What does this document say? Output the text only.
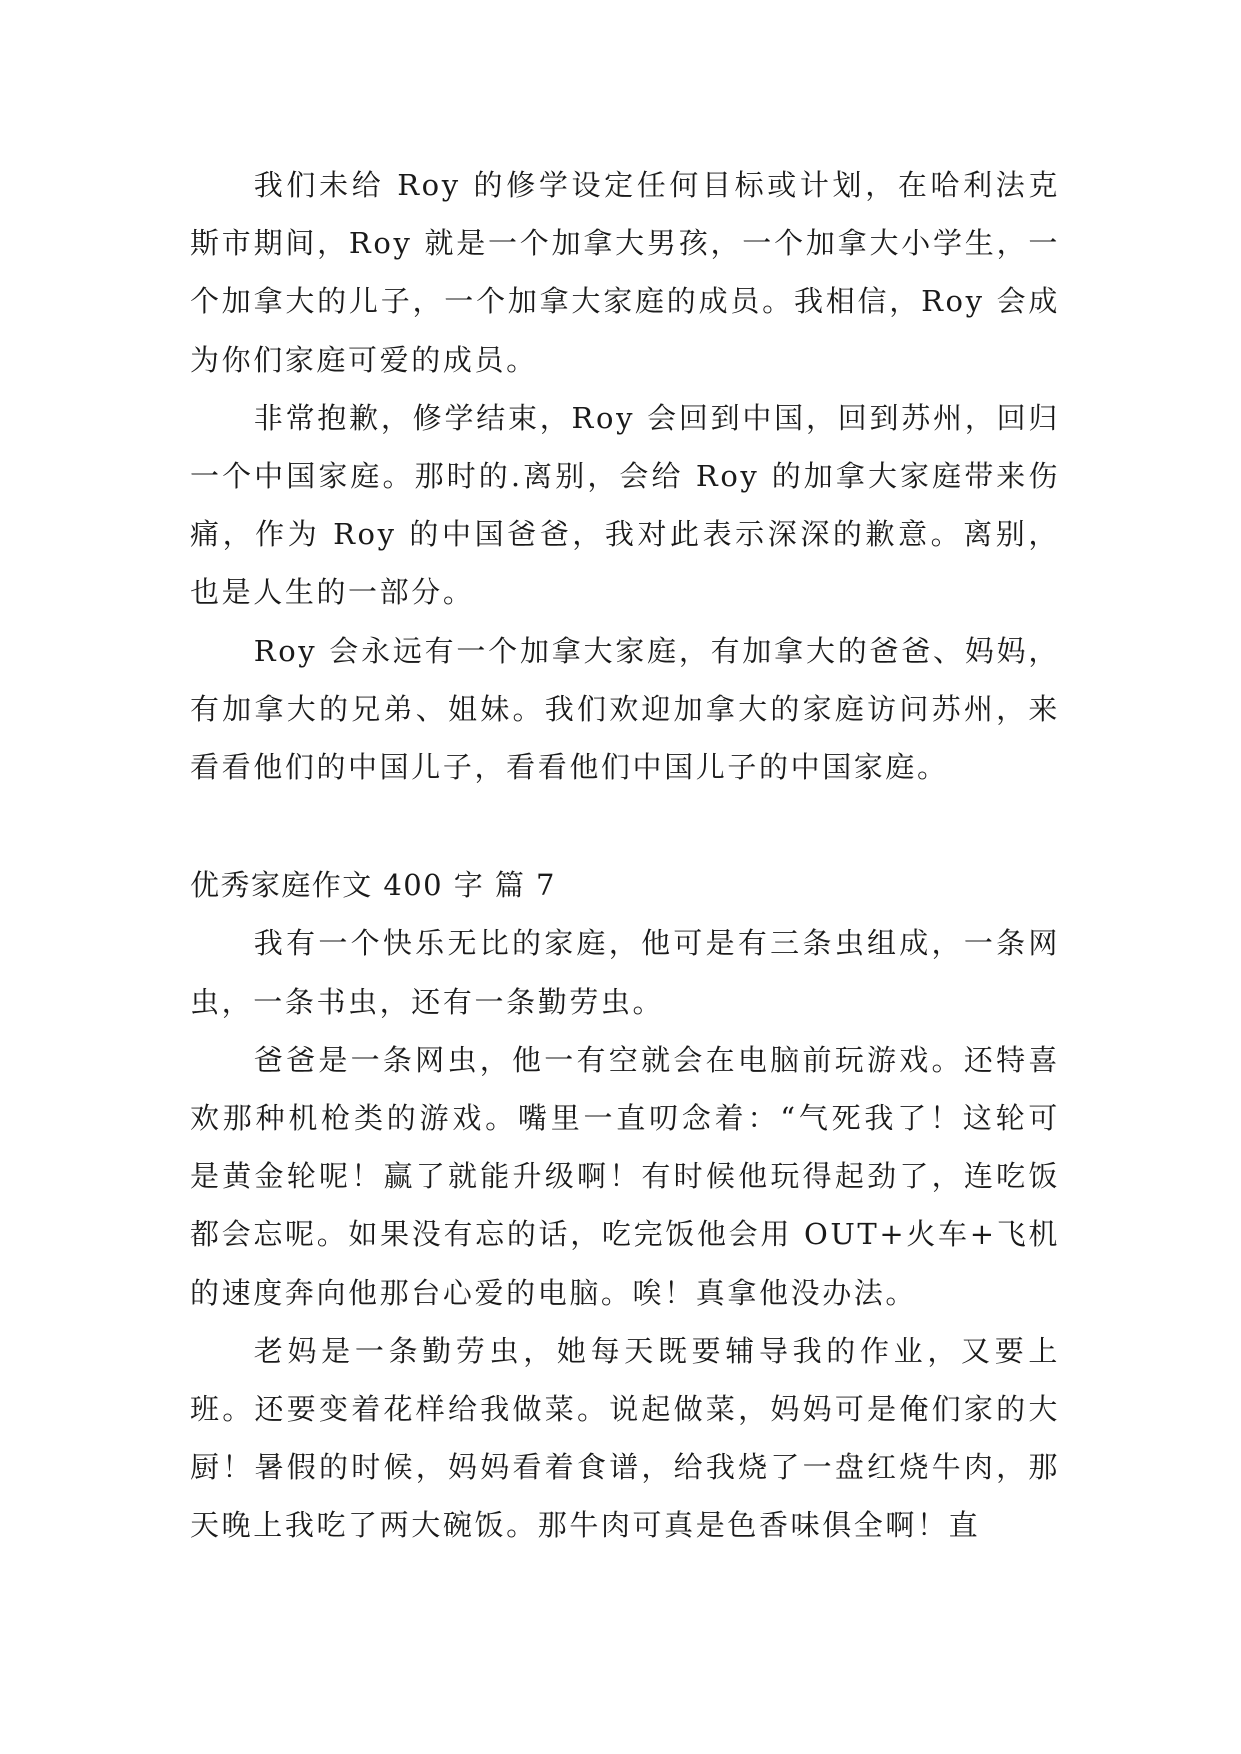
我们未给 Roy 的修学设定任何目标或计划，在哈利法克斯市期间，Roy 就是一个加拿大男孩，一个加拿大小学生，一个加拿大的儿子，一个加拿大家庭的成员。我相信，Roy 会成为你们家庭可爱的成员。

非常抱歉，修学结束，Roy 会回到中国，回到苏州，回归一个中国家庭。那时的.离别，会给 Roy 的加拿大家庭带来伤痛，作为 Roy 的中国爸爸，我对此表示深深的歉意。离别，也是人生的一部分。

Roy 会永远有一个加拿大家庭，有加拿大的爸爸、妈妈，有加拿大的兄弟、姐妹。我们欢迎加拿大的家庭访问苏州，来看看他们的中国儿子，看看他们中国儿子的中国家庭。

优秀家庭作文 400 字 篇 7

我有一个快乐无比的家庭，他可是有三条虫组成，一条网虫，一条书虫，还有一条勤劳虫。

爸爸是一条网虫，他一有空就会在电脑前玩游戏。还特喜欢那种机枪类的游戏。嘴里一直叨念着：“气死我了！这轮可是黄金轮呢！赢了就能升级啊！有时候他玩得起劲了，连吃饭都会忘呢。如果没有忘的话，吃完饭他会用 OUT+火车+飞机的速度奔向他那台心爱的电脑。唉！真拿他没办法。

老妈是一条勤劳虫，她每天既要辅导我的作业，又要上班。还要变着花样给我做菜。说起做菜，妈妈可是俺们家的大厨！暑假的时候，妈妈看着食谱，给我烧了一盘红烧牛肉，那天晚上我吃了两大碗饭。那牛肉可真是色香味俱全啊！直
